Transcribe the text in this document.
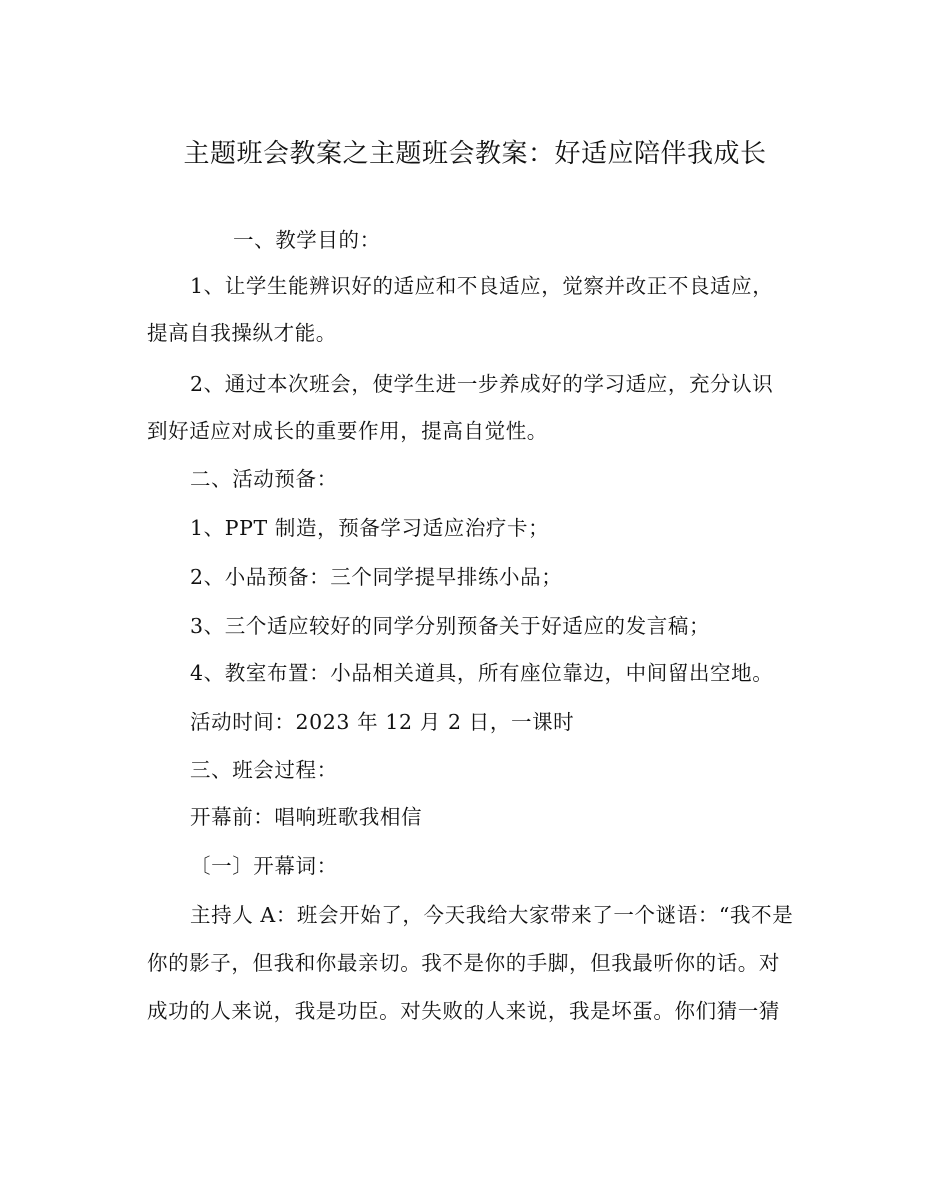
主题班会教案之主题班会教案：好适应陪伴我成长
一、教学目的：
1、让学生能辨识好的适应和不良适应，觉察并改正不良适应，
提高自我操纵才能。
2、通过本次班会，使学生进一步养成好的学习适应，充分认识
到好适应对成长的重要作用，提高自觉性。
二、活动预备：
1、PPT 制造，预备学习适应治疗卡；
2、小品预备：三个同学提早排练小品；
3、三个适应较好的同学分别预备关于好适应的发言稿；
4、教室布置：小品相关道具，所有座位靠边，中间留出空地。
活动时间：2023 年 12 月 2 日，一课时
三、班会过程：
开幕前：唱响班歌我相信
〔一〕开幕词：
主持人 A：班会开始了，今天我给大家带来了一个谜语：“我不是
你的影子，但我和你最亲切。我不是你的手脚，但我最听你的话。对
成功的人来说，我是功臣。对失败的人来说，我是坏蛋。你们猜一猜
